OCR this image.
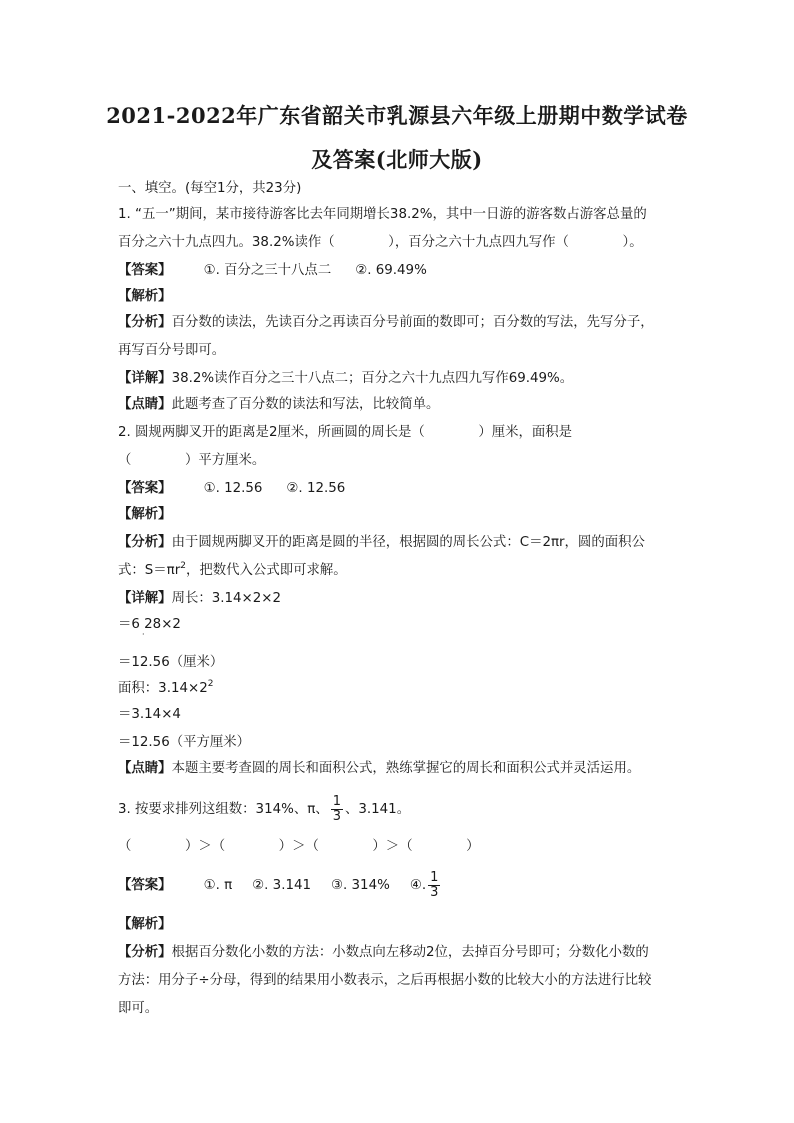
2021-2022年广东省韶关市乳源县六年级上册期中数学试卷
及答案(北师大版)
一、填空。(每空1分，共23分)
1. “五一”期间，某市接待游客比去年同期增长38.2%，其中一日游的游客数占游客总量的
百分之六十九点四九。38.2%读作（　　　　），百分之六十九点四九写作（　　　　）。
【答案】 ①. 百分之三十八点二 ②. 69.49%
【解析】
【分析】百分数的读法，先读百分之再读百分号前面的数即可；百分数的写法，先写分子，
再写百分号即可。
【详解】38.2%读作百分之三十八点二；百分之六十九点四九写作69.49%。
【点睛】此题考查了百分数的读法和写法，比较简单。
2. 圆规两脚叉开的距离是2厘米，所画圆的周长是（　　　　）厘米，面积是
（　　　　）平方厘米。
【答案】 ①. 12.56 ②. 12.56
【解析】
【分析】由于圆规两脚叉开的距离是圆的半径，根据圆的周长公式：C＝2πr，圆的面积公
式：$S=\pi r^2$，把数代入公式即可求解。
【详解】周长：3.14×2×2
＝6 28×2
·
＝12.56（厘米）
面积：$3.14\times 2^2$
＝3.14×4
＝12.56（平方厘米）
【点睛】本题主要考查圆的周长和面积公式，熟练掌握它的周长和面积公式并灵活运用。
3. 按要求排列这组数：314%、π、 $\frac{1}{3}$ 、3.141。
（　　　　）＞（　　　　）＞（　　　　）＞（　　　　）
【答案】 ①. π ②. 3.141 ③. 314% ④. $\frac{1}{3}$
【解析】
【分析】根据百分数化小数的方法：小数点向左移动2位，去掉百分号即可；分数化小数的
方法：用分子÷分母，得到的结果用小数表示，之后再根据小数的比较大小的方法进行比较
即可。
